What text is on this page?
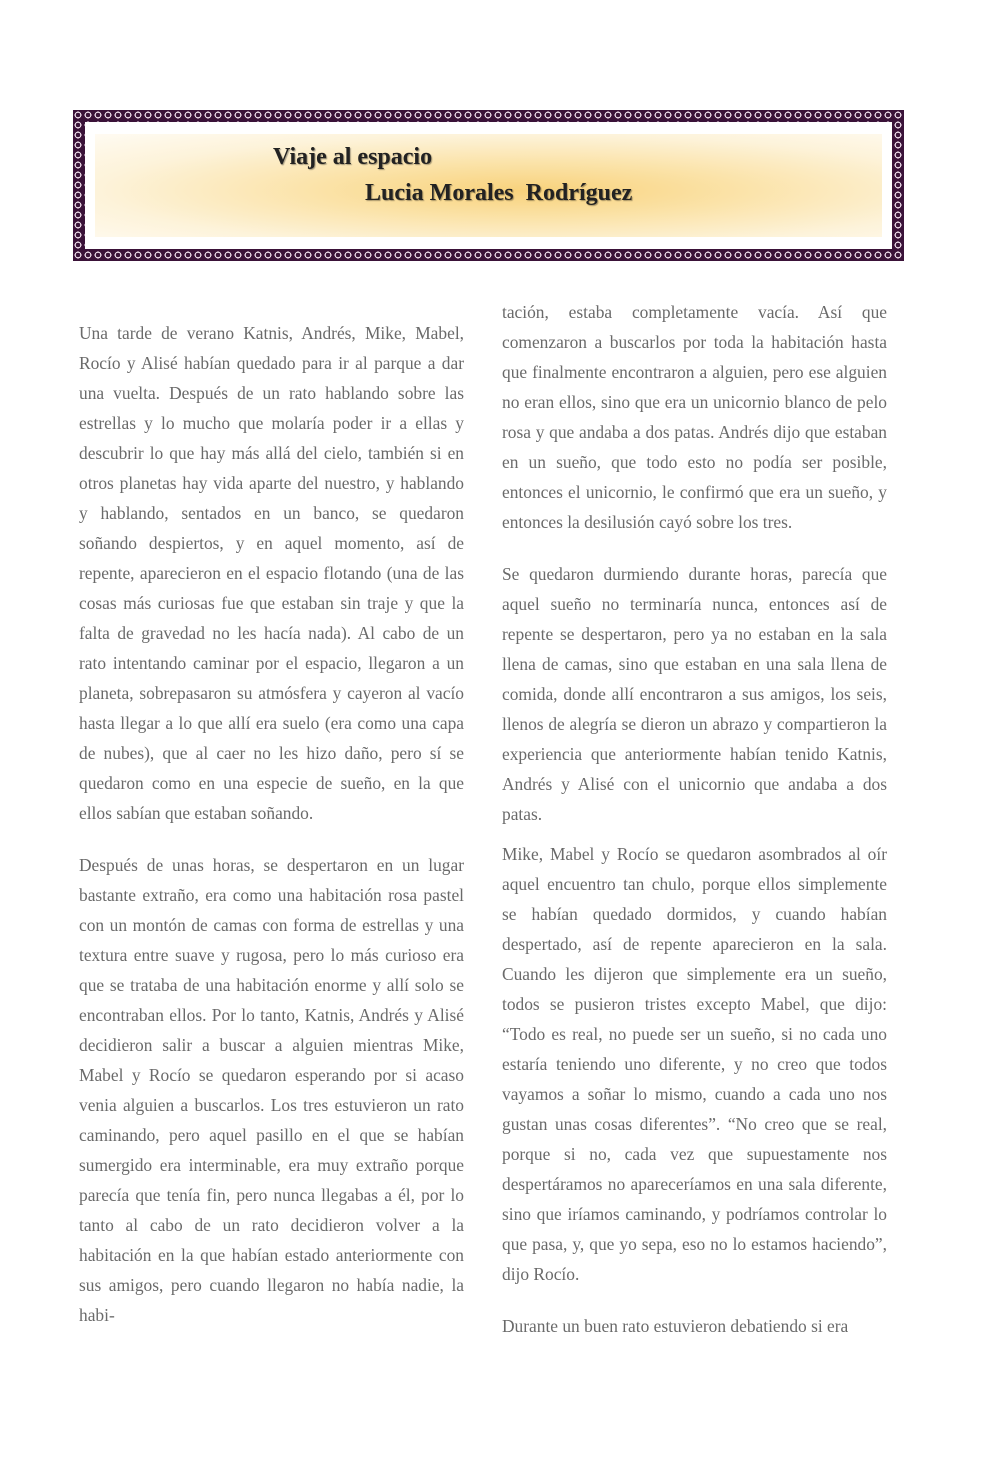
Viaje al espacio
Lucia Morales  Rodríguez

Una tarde de verano Katnis, Andrés, Mike, Mabel, Rocío y Alisé habían quedado para ir al parque a dar una vuelta. Después de un rato hablando sobre las estrellas y lo mucho que molaría poder ir a ellas y descubrir lo que hay más allá del cielo, también si en otros planetas hay vida aparte del nuestro, y hablando y hablando, sentados en un banco, se quedaron soñando despiertos, y en aquel momento, así de repente, aparecieron en el espacio flotando (una de las cosas más curiosas fue que estaban sin traje y que la falta de gravedad no les hacía nada). Al cabo de un rato intentando caminar por el espacio, llegaron a un planeta, sobrepasaron su atmósfera y cayeron al vacío hasta llegar a lo que allí era suelo (era como una capa de nubes), que al caer no les hizo daño, pero sí se quedaron como en una especie de sueño, en la que ellos sabían que estaban soñando.

Después de unas horas, se despertaron en un lugar bastante extraño, era como una habitación rosa pastel con un montón de camas con forma de estrellas y una textura entre suave y rugosa, pero lo más curioso era que se trataba de una habitación enorme y allí solo se encontraban ellos. Por lo tanto, Katnis, Andrés y Alisé decidieron salir a buscar a alguien mientras Mike, Mabel y Rocío se quedaron esperando por si acaso venia alguien a buscarlos. Los tres estuvieron un rato caminando, pero aquel pasillo en el que se habían sumergido era interminable, era muy extraño porque parecía que tenía fin, pero nunca llegabas a él, por lo tanto al cabo de un rato decidieron volver a la habitación en la que habían estado anteriormente con sus amigos, pero cuando llegaron no había nadie, la habi-

tación, estaba completamente vacía. Así que comenzaron a buscarlos por toda la habitación hasta que finalmente encontraron a alguien, pero ese alguien no eran ellos, sino que era un unicornio blanco de pelo rosa y que andaba a dos patas. Andrés dijo que estaban en un sueño, que todo esto no podía ser posible, entonces el unicornio, le confirmó que era un sueño, y entonces la desilusión cayó sobre los tres.

Se quedaron durmiendo durante horas, parecía que aquel sueño no terminaría nunca, entonces así de repente se despertaron, pero ya no estaban en la sala llena de camas, sino que estaban en una sala llena de comida, donde allí encontraron a sus amigos, los seis, llenos de alegría se dieron un abrazo y compartieron la experiencia que anteriormente habían tenido Katnis, Andrés y Alisé con el unicornio que andaba a dos patas.

Mike, Mabel y Rocío se quedaron asombrados al oír aquel encuentro tan chulo, porque ellos simplemente se habían quedado dormidos, y cuando habían despertado, así de repente aparecieron en la sala. Cuando les dijeron que simplemente era un sueño, todos se pusieron tristes excepto Mabel, que dijo: “Todo es real, no puede ser un sueño, si no cada uno estaría teniendo uno diferente, y no creo que todos vayamos a soñar lo mismo, cuando a cada uno nos gustan unas cosas diferentes”. “No creo que se real, porque si no, cada vez que supuestamente nos despertáramos no apareceríamos en una sala diferente, sino que iríamos caminando, y podríamos controlar lo que pasa, y, que yo sepa, eso no lo estamos haciendo”, dijo Rocío.

Durante un buen rato estuvieron debatiendo si era
